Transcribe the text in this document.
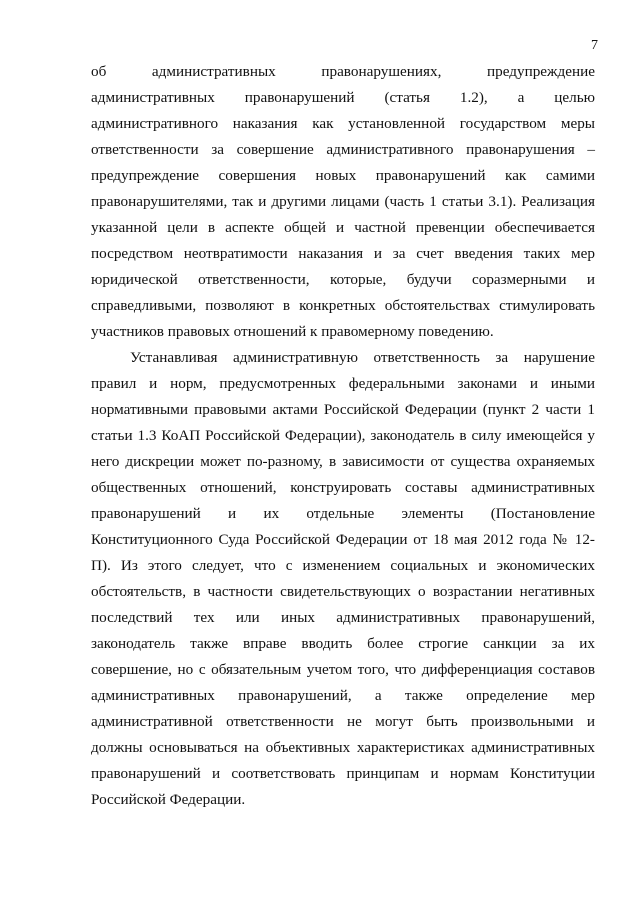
7
об административных правонарушениях, предупреждение
административных правонарушений (статья 1.2), а целью
административного наказания как установленной государством меры
ответственности за совершение административного правонарушения –
предупреждение совершения новых правонарушений как самими
правонарушителями, так и другими лицами (часть 1 статьи 3.1). Реализация
указанной цели в аспекте общей и частной превенции обеспечивается
посредством неотвратимости наказания и за счет введения таких мер
юридической ответственности, которые, будучи соразмерными и
справедливыми, позволяют в конкретных обстоятельствах стимулировать
участников правовых отношений к правомерному поведению.
Устанавливая административную ответственность за нарушение
правил и норм, предусмотренных федеральными законами и иными
нормативными правовыми актами Российской Федерации (пункт 2 части 1
статьи 1.3 КоАП Российской Федерации), законодатель в силу имеющейся у
него дискреции может по-разному, в зависимости от существа охраняемых
общественных отношений, конструировать составы административных
правонарушений и их отдельные элементы (Постановление
Конституционного Суда Российской Федерации от 18 мая 2012 года № 12-
П). Из этого следует, что с изменением социальных и экономических
обстоятельств, в частности свидетельствующих о возрастании негативных
последствий тех или иных административных правонарушений,
законодатель также вправе вводить более строгие санкции за их
совершение, но с обязательным учетом того, что дифференциация составов
административных правонарушений, а также определение мер
административной ответственности не могут быть произвольными и
должны основываться на объективных характеристиках административных
правонарушений и соответствовать принципам и нормам Конституции
Российской Федерации.
